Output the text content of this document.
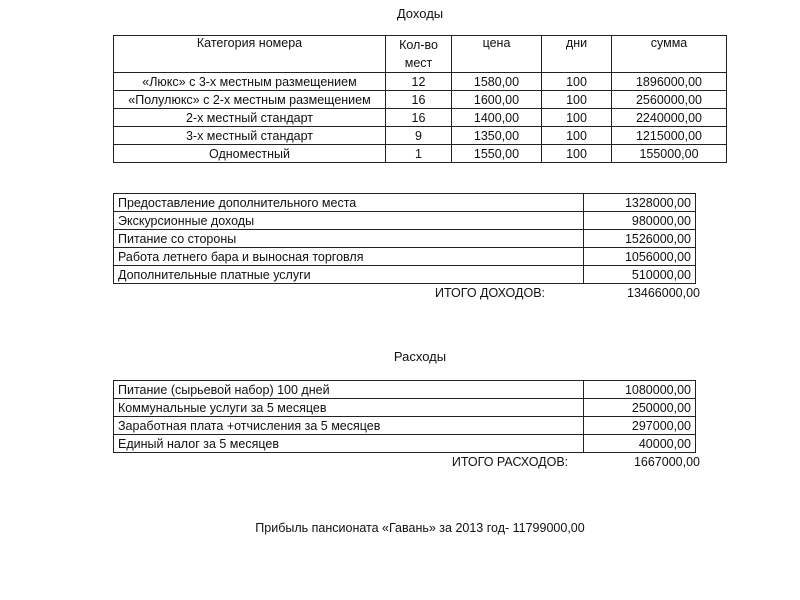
Доходы
Категория номера	Кол-во мест	цена	дни	сумма
«Люкс» с 3-х местным размещением	12	1580,00	100	1896000,00
«Полулюкс» с 2-х местным размещением	16	1600,00	100	2560000,00
2-х местный стандарт	16	1400,00	100	2240000,00
3-х местный стандарт	9	1350,00	100	1215000,00
Одноместный	1	1550,00	100	155000,00
Предоставление дополнительного места	1328000,00
Экскурсионные доходы	980000,00
Питание со стороны	1526000,00
Работа летнего бара и выносная торговля	1056000,00
Дополнительные платные услуги	510000,00
ИТОГО ДОХОДОВ:	13466000,00
Расходы
Питание (сырьевой набор) 100 дней	1080000,00
Коммунальные услуги за 5 месяцев	250000,00
Заработная плата +отчисления за 5 месяцев	297000,00
Единый налог за 5 месяцев	40000,00
ИТОГО РАСХОДОВ:	1667000,00
Прибыль пансионата «Гавань» за 2013 год- 11799000,00
